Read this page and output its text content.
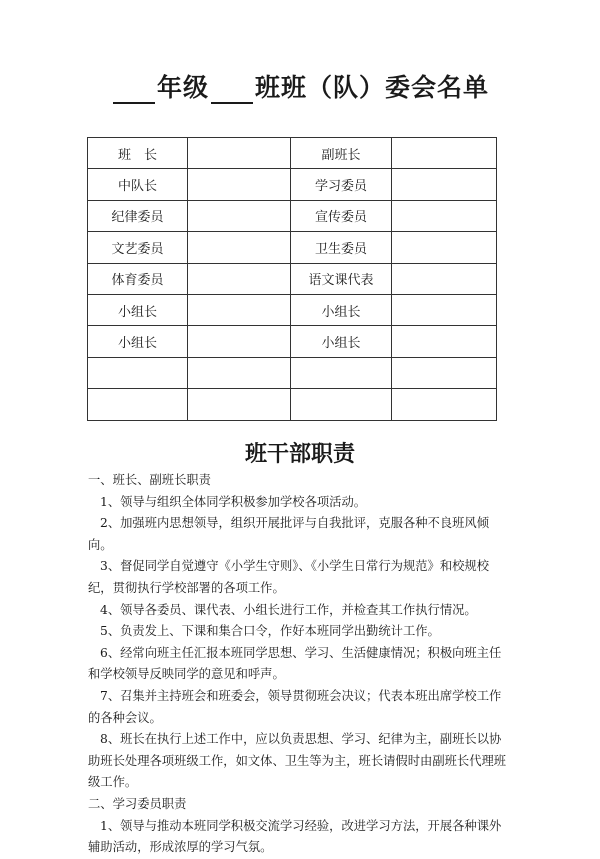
年级 班班（队）委会名单
班　长		副班长	
中队长		学习委员	
纪律委员		宣传委员	
文艺委员		卫生委员	
体育委员		语文课代表	
小组长		小组长	
小组长		小组长	

班干部职责

一、班长、副班长职责

1、领导与组织全体同学积极参加学校各项活动。

2、加强班内思想领导，组织开展批评与自我批评，克服各种不良班风倾向。

3、督促同学自觉遵守《小学生守则》、《小学生日常行为规范》和校规校纪，贯彻执行学校部署的各项工作。

4、领导各委员、课代表、小组长进行工作，并检查其工作执行情况。

5、负责发上、下课和集合口令，作好本班同学出勤统计工作。

6、经常向班主任汇报本班同学思想、学习、生活健康情况；积极向班主任和学校领导反映同学的意见和呼声。

7、召集并主持班会和班委会，领导贯彻班会决议；代表本班出席学校工作的各种会议。

8、班长在执行上述工作中，应以负责思想、学习、纪律为主，副班长以协助班长处理各项班级工作，如文体、卫生等为主，班长请假时由副班长代理班级工作。

二、学习委员职责

1、领导与推动本班同学积极交流学习经验，改进学习方法，开展各种课外辅助活动，形成浓厚的学习气氛。
